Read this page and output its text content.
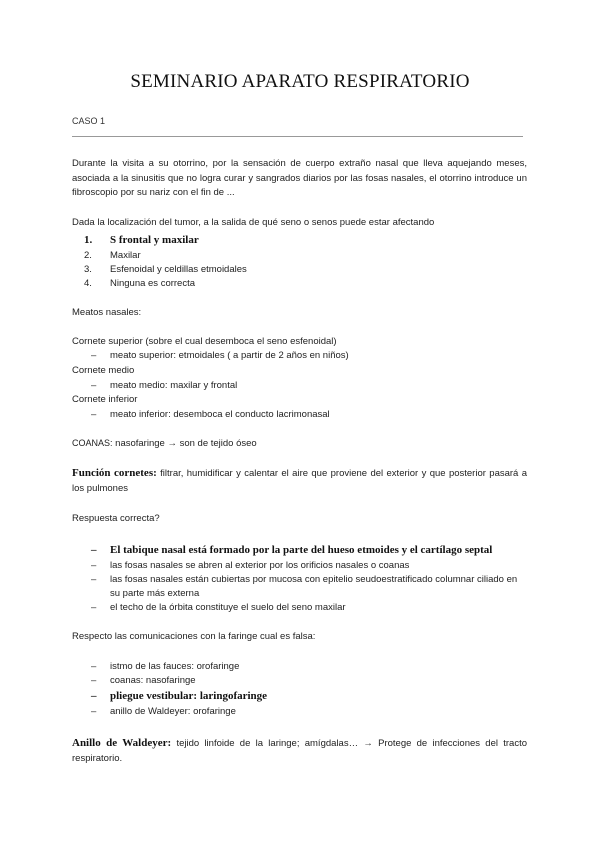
SEMINARIO APARATO RESPIRATORIO
CASO 1
Durante la visita a su otorrino, por la sensación de cuerpo extraño nasal que lleva aquejando meses, asociada a la sinusitis que no logra curar y sangrados diarios por las fosas nasales, el otorrino introduce un fibroscopio por su nariz con el fin de ...
Dada la localización del tumor, a la salida de qué seno o senos puede estar afectando
1. S frontal y maxilar
2. Maxilar
3. Esfenoidal y celdillas etmoidales
4. Ninguna es correcta
Meatos nasales:
Cornete superior (sobre el cual desemboca el seno esfenoidal)
– meato superior: etmoidales ( a partir de 2 años en niños)
Cornete medio
– meato medio: maxilar y frontal
Cornete inferior
– meato inferior: desemboca el conducto lacrimonasal
COANAS: nasofaringe → son de tejido óseo
Función cornetes: filtrar, humidificar y calentar el aire que proviene del exterior y que posterior pasará a los pulmones
Respuesta correcta?
– El tabique nasal está formado por la parte del hueso etmoides y el cartílago septal
– las fosas nasales se abren al exterior por los orificios nasales o coanas
– las fosas nasales están cubiertas por mucosa con epitelio seudoestratificado columnar ciliado en su parte más externa
– el techo de la órbita constituye el suelo del seno maxilar
Respecto las comunicaciones con la faringe cual es falsa:
– istmo de las fauces: orofaringe
– coanas: nasofaringe
– pliegue vestibular: laringofaringe
– anillo de Waldeyer: orofaringe
Anillo de Waldeyer: tejido linfoide de la laringe; amígdalas… → Protege de infecciones del tracto respiratorio.
